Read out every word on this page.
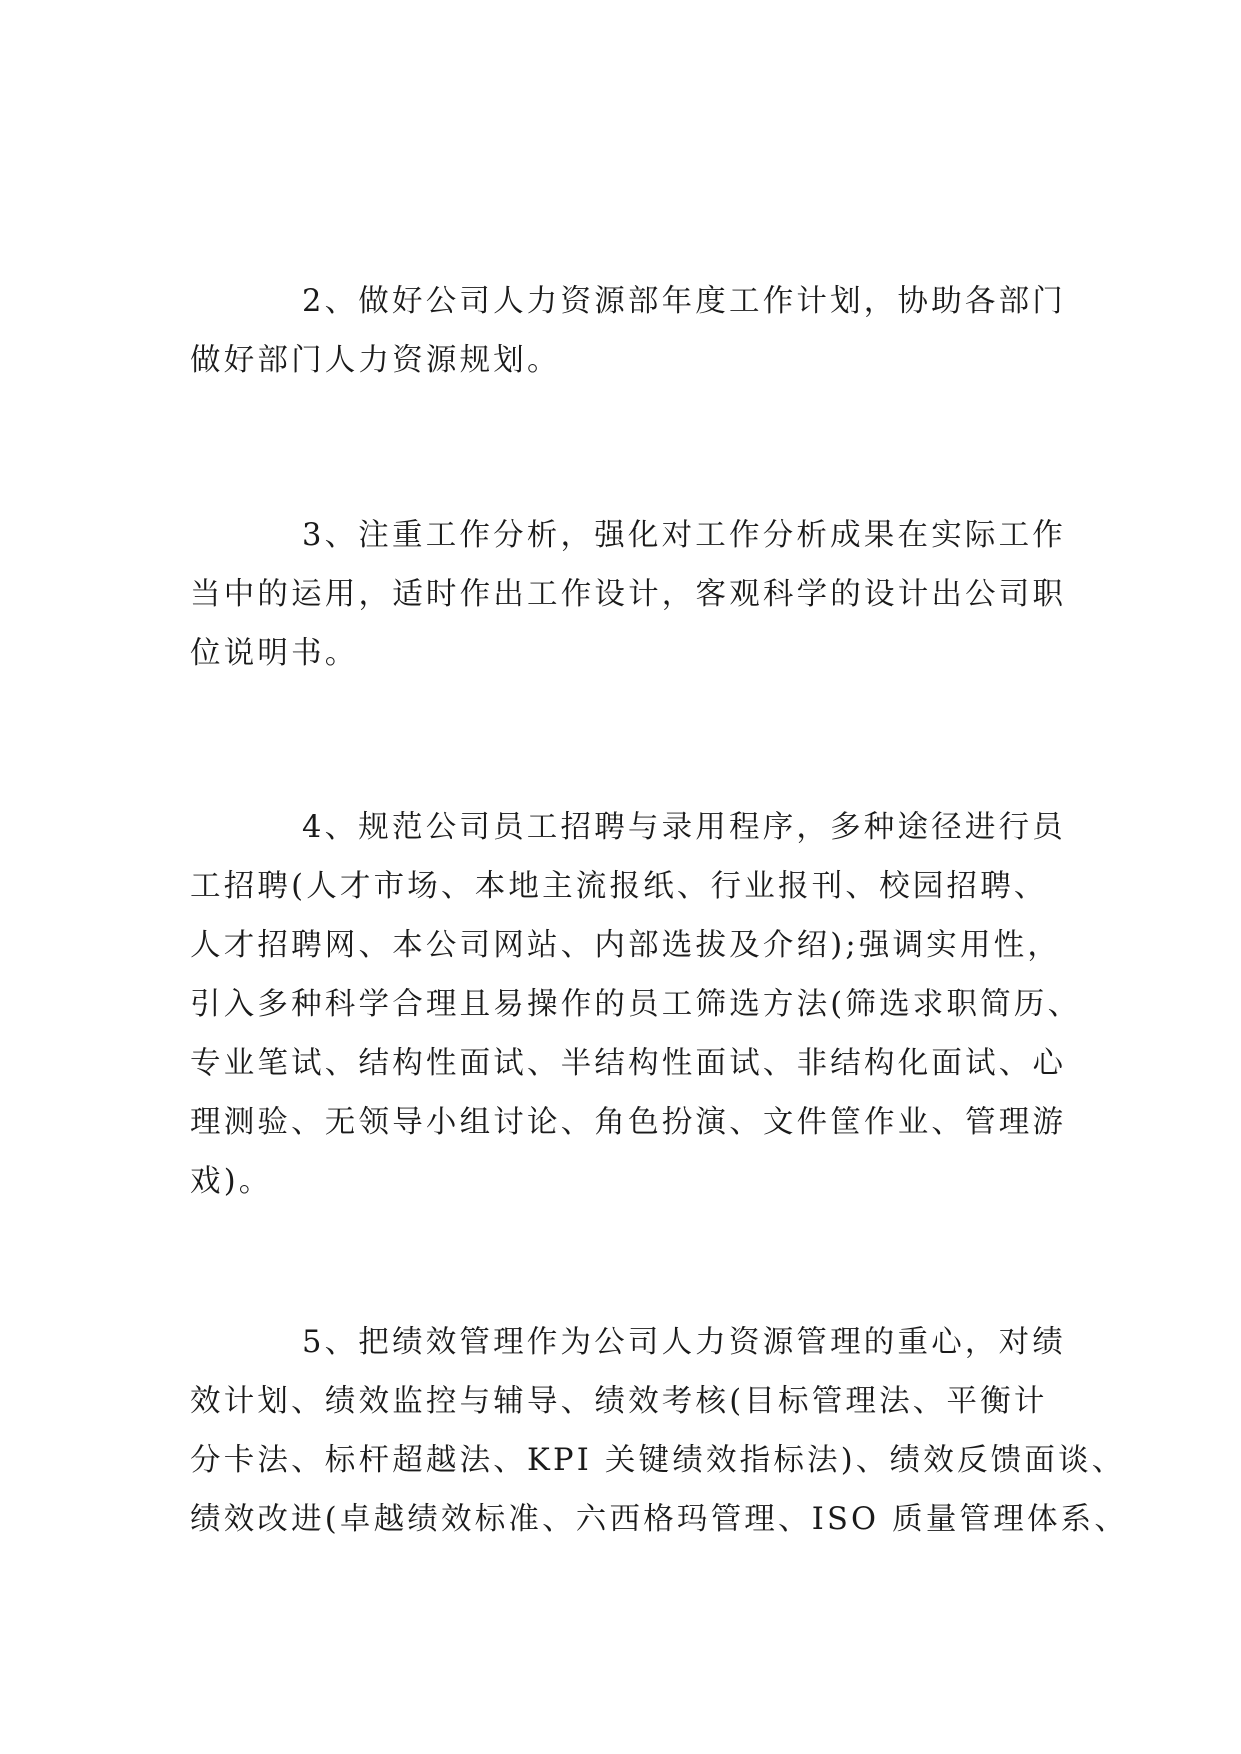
2、做好公司人力资源部年度工作计划，协助各部门
做好部门人力资源规划。
3、注重工作分析，强化对工作分析成果在实际工作
当中的运用，适时作出工作设计，客观科学的设计出公司职
位说明书。
4、规范公司员工招聘与录用程序，多种途径进行员
工招聘(人才市场、本地主流报纸、行业报刊、校园招聘、
人才招聘网、本公司网站、内部选拔及介绍);强调实用性，
引入多种科学合理且易操作的员工筛选方法(筛选求职简历、
专业笔试、结构性面试、半结构性面试、非结构化面试、心
理测验、无领导小组讨论、角色扮演、文件筐作业、管理游
戏)。
5、把绩效管理作为公司人力资源管理的重心，对绩
效计划、绩效监控与辅导、绩效考核(目标管理法、平衡计
分卡法、标杆超越法、KPI 关键绩效指标法)、绩效反馈面谈、
绩效改进(卓越绩效标准、六西格玛管理、ISO 质量管理体系、
